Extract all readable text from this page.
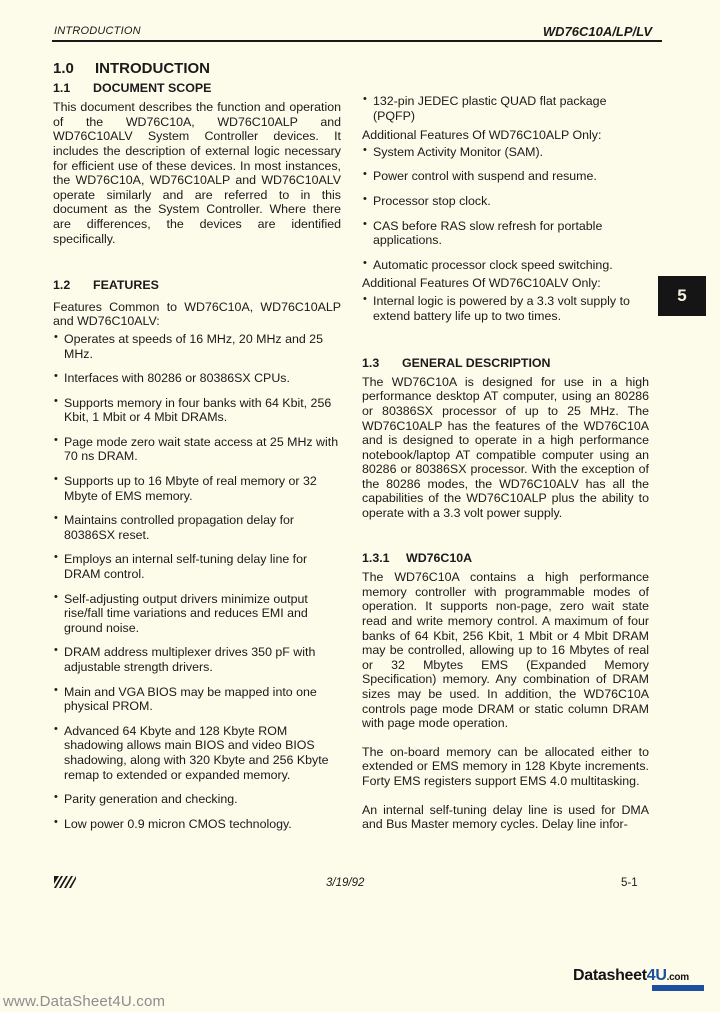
INTRODUCTION	WD76C10A/LP/LV
1.0 INTRODUCTION
1.1 DOCUMENT SCOPE

This document describes the function and operation of the WD76C10A, WD76C10ALP and WD76C10ALV System Controller devices. It includes the description of external logic necessary for efficient use of these devices. In most instances, the WD76C10A, WD76C10ALP and WD76C10ALV operate similarly and are referred to in this document as the System Controller. Where there are differences, the devices are identified specifically.

1.2 FEATURES

Features Common to WD76C10A, WD76C10ALP and WD76C10ALV:

• Operates at speeds of 16 MHz, 20 MHz and 25 MHz.
• Interfaces with 80286 or 80386SX CPUs.
• Supports memory in four banks with 64 Kbit, 256 Kbit, 1 Mbit or 4 Mbit DRAMs.
• Page mode zero wait state access at 25 MHz with 70 ns DRAM.
• Supports up to 16 Mbyte of real memory or 32 Mbyte of EMS memory.
• Maintains controlled propagation delay for 80386SX reset.
• Employs an internal self-tuning delay line for DRAM control.
• Self-adjusting output drivers minimize output rise/fall time variations and reduces EMI and ground noise.
• DRAM address multiplexer drives 350 pF with adjustable strength drivers.
• Main and VGA BIOS may be mapped into one physical PROM.
• Advanced 64 Kbyte and 128 Kbyte ROM shadowing allows main BIOS and video BIOS shadowing, along with 320 Kbyte and 256 Kbyte remap to extended or expanded memory.
• Parity generation and checking.
• Low power 0.9 micron CMOS technology.
• 132-pin JEDEC plastic QUAD flat package (PQFP)

Additional Features Of WD76C10ALP Only:

• System Activity Monitor (SAM).
• Power control with suspend and resume.
• Processor stop clock.
• CAS before RAS slow refresh for portable applications.
• Automatic processor clock speed switching.

Additional Features Of WD76C10ALV Only:

• Internal logic is powered by a 3.3 volt supply to extend battery life up to two times.
1.3 GENERAL DESCRIPTION

The WD76C10A is designed for use in a high performance desktop AT computer, using an 80286 or 80386SX processor of up to 25 MHz. The WD76C10ALP has the features of the WD76C10A and is designed to operate in a high performance notebook/laptop AT compatible computer using an 80286 or 80386SX processor. With the exception of the 80286 modes, the WD76C10ALV has all the capabilities of the WD76C10ALP plus the ability to operate with a 3.3 volt power supply.

1.3.1 WD76C10A

The WD76C10A contains a high performance memory controller with programmable modes of operation. It supports non-page, zero wait state read and write memory control. A maximum of four banks of 64 Kbit, 256 Kbit, 1 Mbit or 4 Mbit DRAM may be controlled, allowing up to 16 Mbytes of real or 32 Mbytes EMS (Expanded Memory Specification) memory. Any combination of DRAM sizes may be used. In addition, the WD76C10A controls page mode DRAM or static column DRAM with page mode operation.

The on-board memory can be allocated either to extended or EMS memory in 128 Kbyte increments. Forty EMS registers support EMS 4.0 multitasking.

An internal self-tuning delay line is used for DMA and Bus Master memory cycles. Delay line infor-

5
3/19/92	5-1
www.DataSheet4U.com
Datasheet4U.com
